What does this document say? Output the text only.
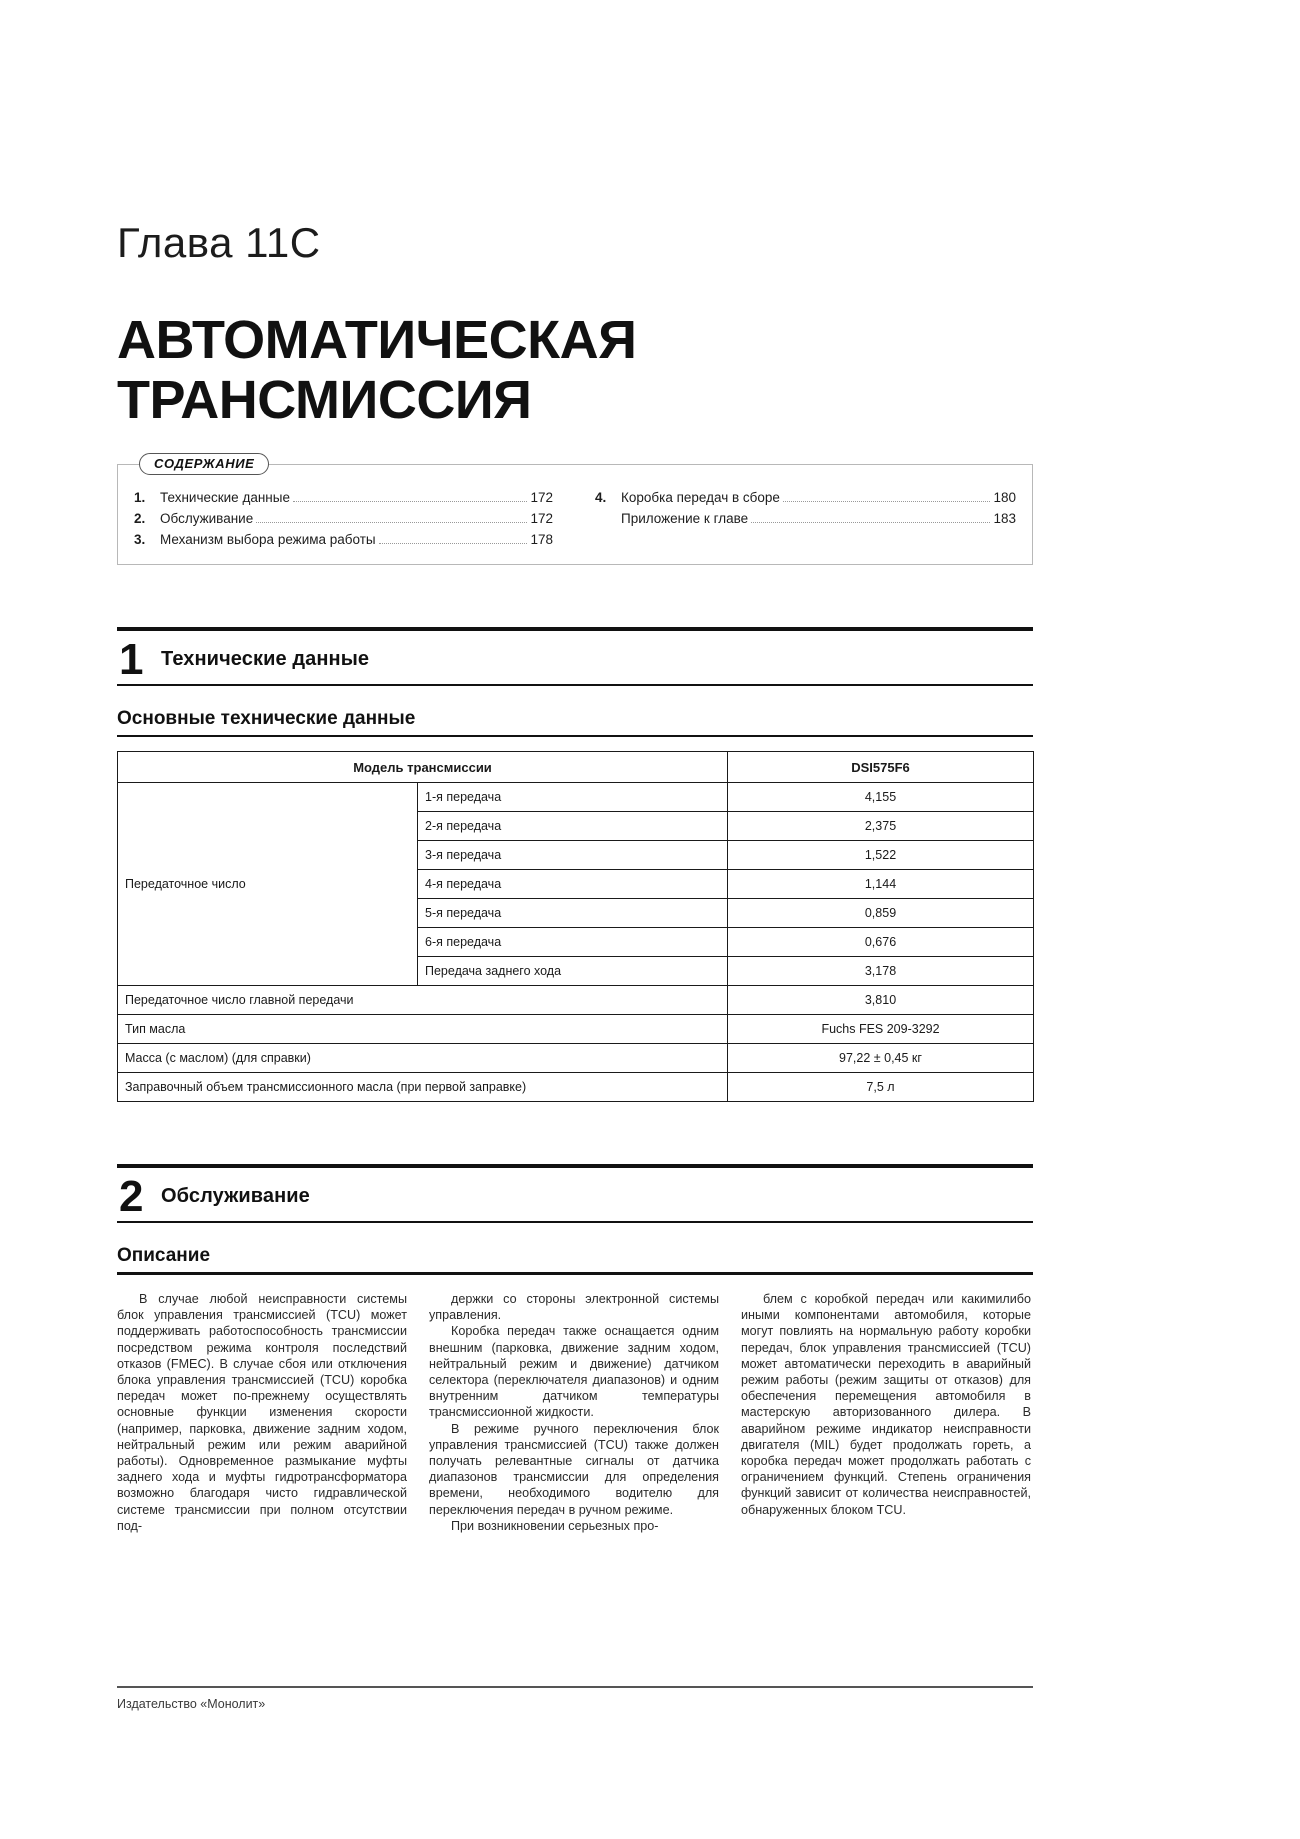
Глава 11С
АВТОМАТИЧЕСКАЯ ТРАНСМИССИЯ
СОДЕРЖАНИЕ
1.	Технические данные	172
2.	Обслуживание	172
3.	Механизм выбора режима работы	178
4.	Коробка передач в сборе	180
Приложение к главе	183
1 Технические данные
Основные технические данные
Модель трансмиссии		DSI575F6
Передаточное число	1-я передача	4,155
	2-я передача	2,375
	3-я передача	1,522
	4-я передача	1,144
	5-я передача	0,859
	6-я передача	0,676
	Передача заднего хода	3,178
Передаточное число главной передачи		3,810
Тип масла		Fuchs FES 209-3292
Масса (с маслом) (для справки)		97,22 ± 0,45 кг
Заправочный объем трансмиссионного масла (при первой заправке)		7,5 л
2 Обслуживание
Описание

В случае любой неисправности системы блок управления трансмиссией (TCU) может поддерживать работоспособность трансмиссии посредством режима контроля последствий отказов (FMEC). В случае сбоя или отключения блока управления трансмиссией (TCU) коробка передач может по-прежнему осуществлять основные функции изменения скорости (например, парковка, движение задним ходом, нейтральный режим или режим аварийной работы). Одновременное размыкание муфты заднего хода и муфты гидротрансформатора возможно благодаря чисто гидравлической системе трансмиссии при полном отсутствии под-

держки со стороны электронной системы управления.

Коробка передач также оснащается одним внешним (парковка, движение задним ходом, нейтральный режим и движение) датчиком селектора (переключателя диапазонов) и одним внутренним датчиком температуры трансмиссионной жидкости.

В режиме ручного переключения блок управления трансмиссией (TCU) также должен получать релевантные сигналы от датчика диапазонов трансмиссии для определения времени, необходимого водителю для переключения передач в ручном режиме.

При возникновении серьезных про-

блем с коробкой передач или какимилибо иными компонентами автомобиля, которые могут повлиять на нормальную работу коробки передач, блок управления трансмиссией (TCU) может автоматически переходить в аварийный режим работы (режим защиты от отказов) для обеспечения перемещения автомобиля в мастерскую авторизованного дилера. В аварийном режиме индикатор неисправности двигателя (MIL) будет продолжать гореть, а коробка передач может продолжать работать с ограничением функций. Степень ограничения функций зависит от количества неисправностей, обнаруженных блоком TCU.

Издательство «Монолит»
